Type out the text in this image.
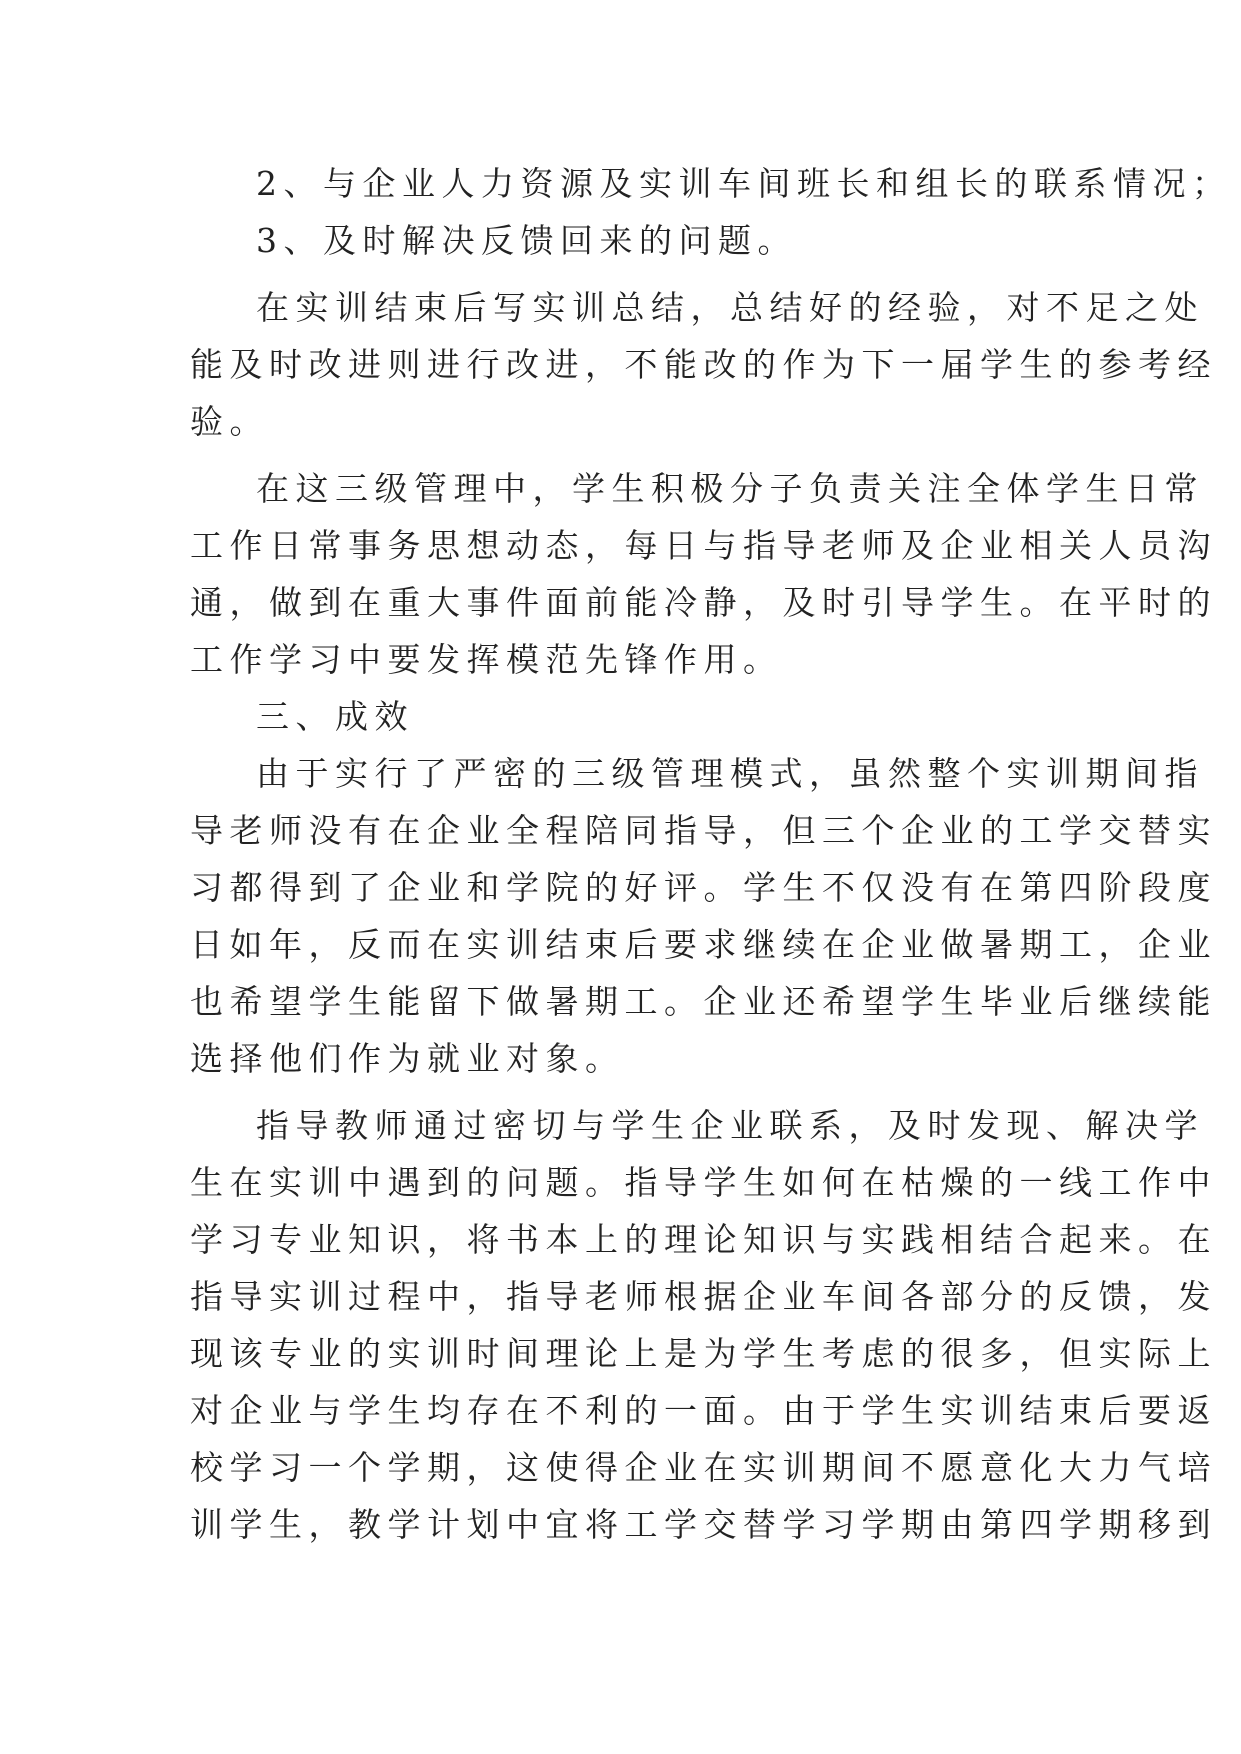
2、与企业人力资源及实训车间班长和组长的联系情况；
3、及时解决反馈回来的问题。
在实训结束后写实训总结，总结好的经验，对不足之处
能及时改进则进行改进，不能改的作为下一届学生的参考经
验。
在这三级管理中，学生积极分子负责关注全体学生日常
工作日常事务思想动态，每日与指导老师及企业相关人员沟
通，做到在重大事件面前能冷静，及时引导学生。在平时的
工作学习中要发挥模范先锋作用。
三、成效
由于实行了严密的三级管理模式，虽然整个实训期间指
导老师没有在企业全程陪同指导，但三个企业的工学交替实
习都得到了企业和学院的好评。学生不仅没有在第四阶段度
日如年，反而在实训结束后要求继续在企业做暑期工，企业
也希望学生能留下做暑期工。企业还希望学生毕业后继续能
选择他们作为就业对象。
指导教师通过密切与学生企业联系，及时发现、解决学
生在实训中遇到的问题。指导学生如何在枯燥的一线工作中
学习专业知识，将书本上的理论知识与实践相结合起来。在
指导实训过程中，指导老师根据企业车间各部分的反馈，发
现该专业的实训时间理论上是为学生考虑的很多，但实际上
对企业与学生均存在不利的一面。由于学生实训结束后要返
校学习一个学期，这使得企业在实训期间不愿意化大力气培
训学生，教学计划中宜将工学交替学习学期由第四学期移到
